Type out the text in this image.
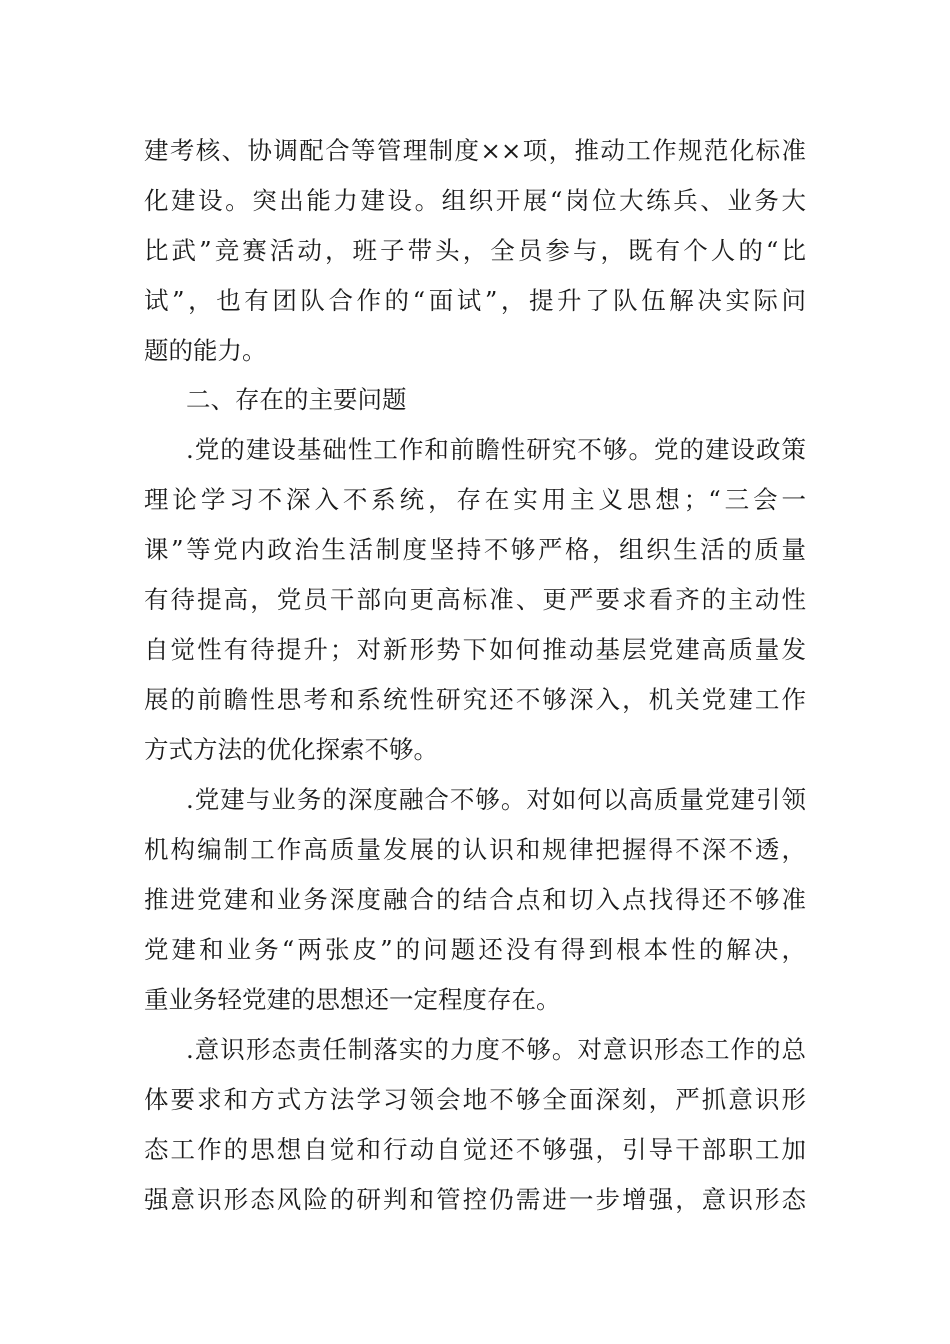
建考核、协调配合等管理制度××项，推动工作规范化标准
化建设。突出能力建设。组织开展“岗位大练兵、业务大
比武”竞赛活动，班子带头，全员参与，既有个人的“比
试”，也有团队合作的“面试”，提升了队伍解决实际问
题的能力。
二、存在的主要问题
.党的建设基础性工作和前瞻性研究不够。党的建设政策
理论学习不深入不系统，存在实用主义思想；“三会一
课”等党内政治生活制度坚持不够严格，组织生活的质量
有待提高，党员干部向更高标准、更严要求看齐的主动性
自觉性有待提升；对新形势下如何推动基层党建高质量发
展的前瞻性思考和系统性研究还不够深入，机关党建工作
方式方法的优化探索不够。
.党建与业务的深度融合不够。对如何以高质量党建引领
机构编制工作高质量发展的认识和规律把握得不深不透，
推进党建和业务深度融合的结合点和切入点找得还不够准
党建和业务“两张皮”的问题还没有得到根本性的解决，
重业务轻党建的思想还一定程度存在。
.意识形态责任制落实的力度不够。对意识形态工作的总
体要求和方式方法学习领会地不够全面深刻，严抓意识形
态工作的思想自觉和行动自觉还不够强，引导干部职工加
强意识形态风险的研判和管控仍需进一步增强，意识形态
